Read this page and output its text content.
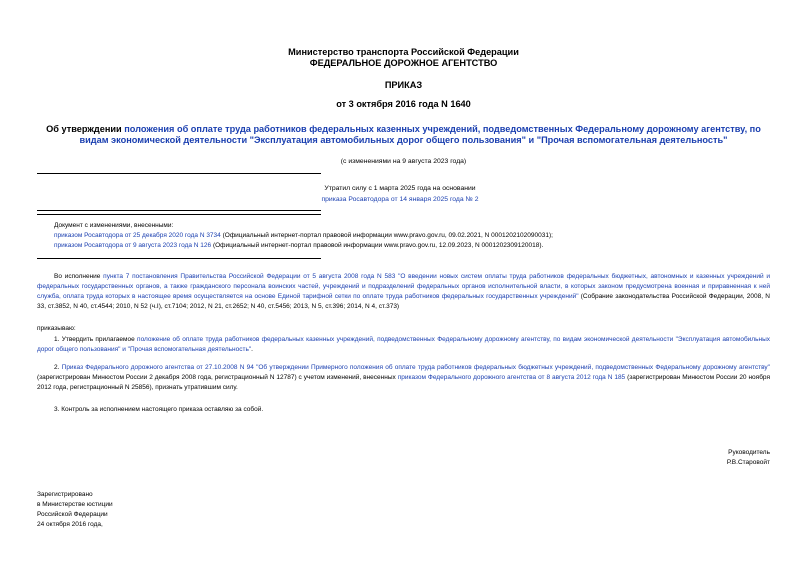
Министерство транспорта Российской Федерации
ФЕДЕРАЛЬНОЕ ДОРОЖНОЕ АГЕНТСТВО
ПРИКАЗ
от 3 октября 2016 года N 1640
Об утверждении положения об оплате труда работников федеральных казенных учреждений, подведомственных Федеральному дорожному агентству, по видам экономической деятельности "Эксплуатация автомобильных дорог общего пользования" и "Прочая вспомогательная деятельность"
(с изменениями на 9 августа 2023 года)
Утратил силу с 1 марта 2025 года на основании
приказа Росавтодора от 14 января 2025 года № 2
Документ с изменениями, внесенными:
приказом Росавтодора от 25 декабря 2020 года N 3734 (Официальный интернет-портал правовой информации www.pravo.gov.ru, 09.02.2021, N 0001202102090031);
приказом Росавтодора от 9 августа 2023 года N 126 (Официальный интернет-портал правовой информации www.pravo.gov.ru, 12.09.2023, N 0001202309120018).
Во исполнение пункта 7 постановления Правительства Российской Федерации от 5 августа 2008 года N 583 "О введении новых систем оплаты труда работников федеральных бюджетных, автономных и казенных учреждений и федеральных государственных органов, а также гражданского персонала воинских частей, учреждений и подразделений федеральных органов исполнительной власти, в которых законом предусмотрена военная и приравненная к ней служба, оплата труда которых в настоящее время осуществляется на основе Единой тарифной сетки по оплате труда работников федеральных государственных учреждений" (Собрание законодательства Российской Федерации, 2008, N 33, ст.3852, N 40, ст.4544; 2010, N 52 (ч.I), ст.7104; 2012, N 21, ст.2652; N 40, ст.5456; 2013, N 5, ст.396; 2014, N 4, ст.373)
приказываю:
1. Утвердить прилагаемое положение об оплате труда работников федеральных казенных учреждений, подведомственных Федеральному дорожному агентству, по видам экономической деятельности "Эксплуатация автомобильных дорог общего пользования" и "Прочая вспомогательная деятельность".
2. Приказ Федерального дорожного агентства от 27.10.2008 N 94 "Об утверждении Примерного положения об оплате труда работников федеральных бюджетных учреждений, подведомственных Федеральному дорожному агентству" (зарегистрирован Минюстом России 2 декабря 2008 года, регистрационный N 12787) с учетом изменений, внесенных приказом Федерального дорожного агентства от 8 августа 2012 года N 185 (зарегистрирован Минюстом России 20 ноября 2012 года, регистрационный N 25856), признать утратившим силу.
3. Контроль за исполнением настоящего приказа оставляю за собой.
Руководитель
Р.В.Старовойт
Зарегистрировано
в Министерстве юстиции
Российской Федерации
24 октября 2016 года,
